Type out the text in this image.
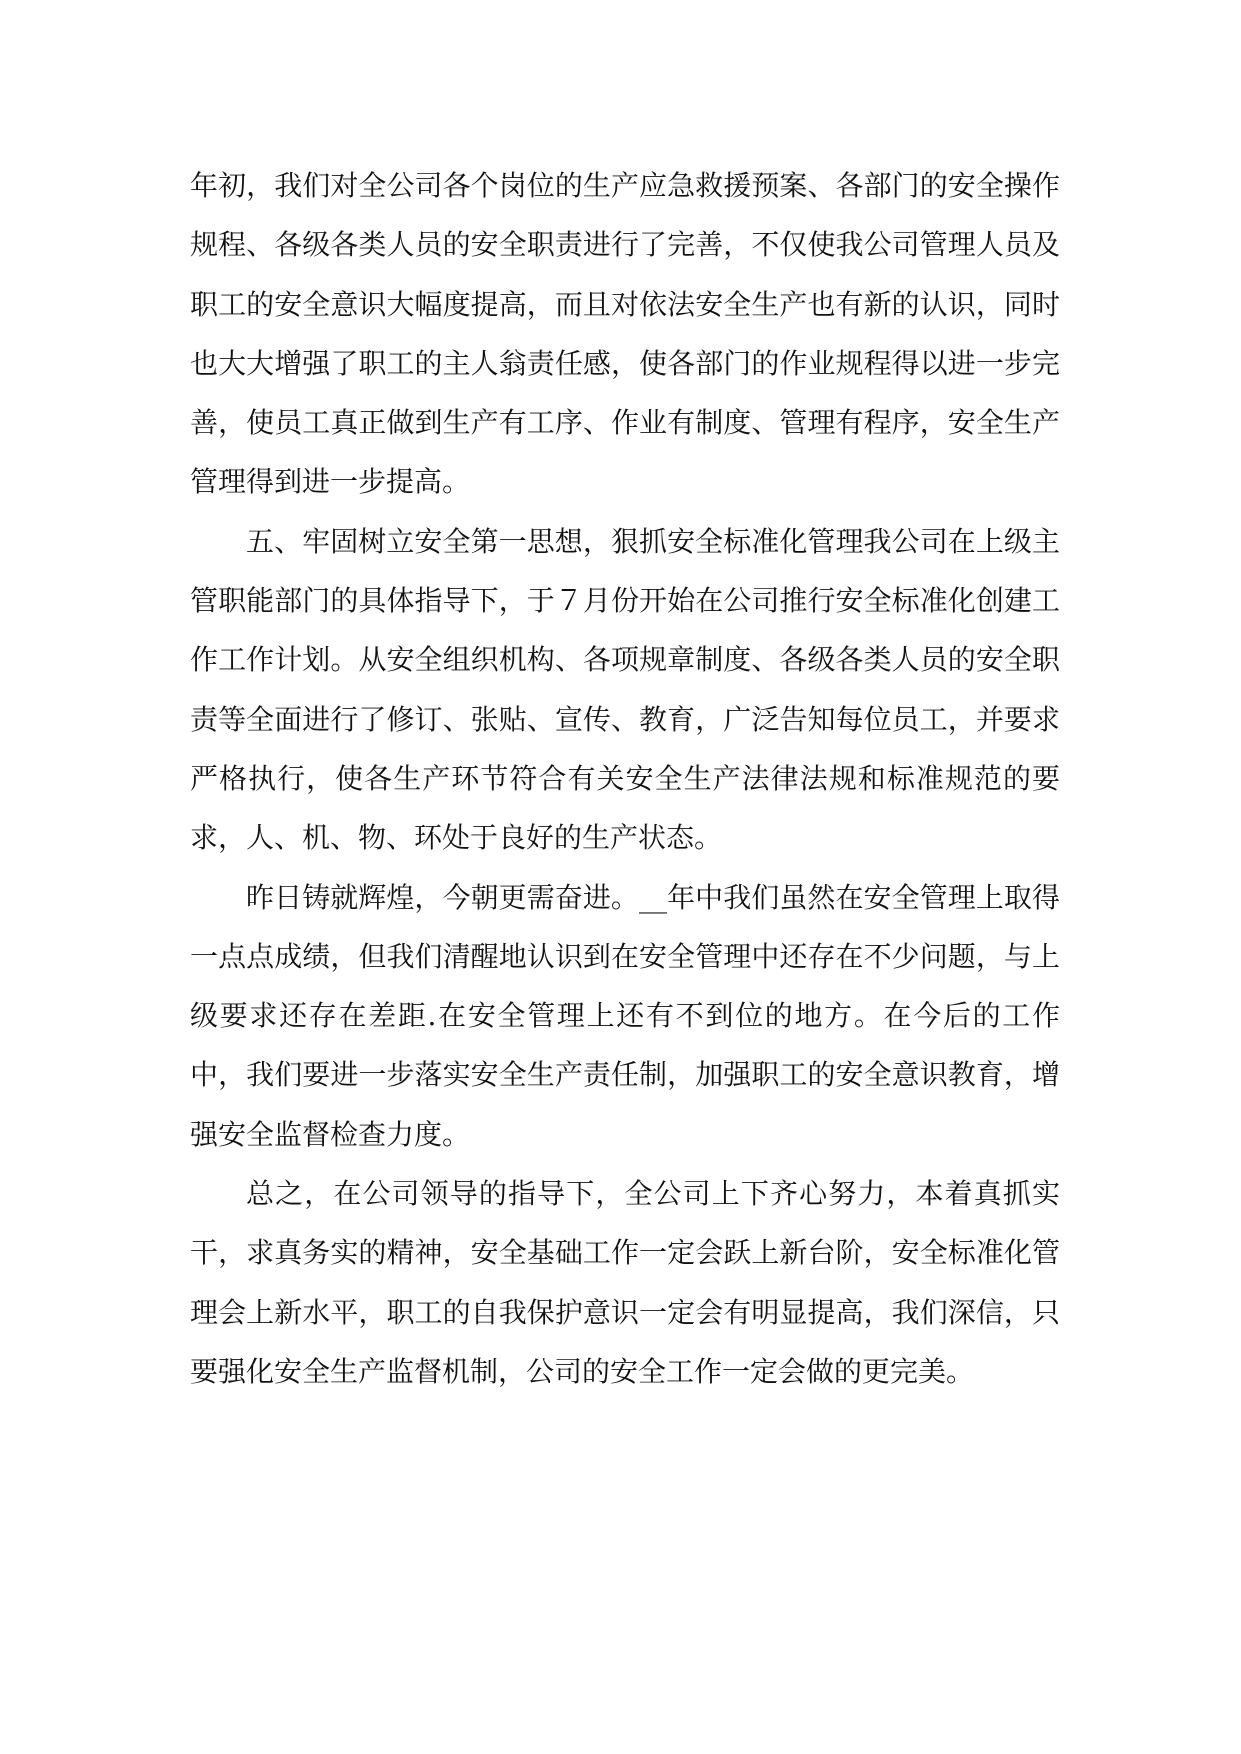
年初，我们对全公司各个岗位的生产应急救援预案、各部门的安全操作规程、各级各类人员的安全职责进行了完善，不仅使我公司管理人员及职工的安全意识大幅度提高，而且对依法安全生产也有新的认识，同时也大大增强了职工的主人翁责任感，使各部门的作业规程得以进一步完善，使员工真正做到生产有工序、作业有制度、管理有程序，安全生产管理得到进一步提高。

五、牢固树立安全第一思想，狠抓安全标准化管理我公司在上级主管职能部门的具体指导下，于７月份开始在公司推行安全标准化创建工作工作计划。从安全组织机构、各项规章制度、各级各类人员的安全职责等全面进行了修订、张贴、宣传、教育，广泛告知每位员工，并要求严格执行，使各生产环节符合有关安全生产法律法规和标准规范的要求，人、机、物、环处于良好的生产状态。

昨日铸就辉煌，今朝更需奋进。__年中我们虽然在安全管理上取得一点点成绩，但我们清醒地认识到在安全管理中还存在不少问题，与上级要求还存在差距.在安全管理上还有不到位的地方。在今后的工作中，我们要进一步落实安全生产责任制，加强职工的安全意识教育，增强安全监督检查力度。

总之，在公司领导的指导下，全公司上下齐心努力，本着真抓实干，求真务实的精神，安全基础工作一定会跃上新台阶，安全标准化管理会上新水平，职工的自我保护意识一定会有明显提高，我们深信，只要强化安全生产监督机制，公司的安全工作一定会做的更完美。
